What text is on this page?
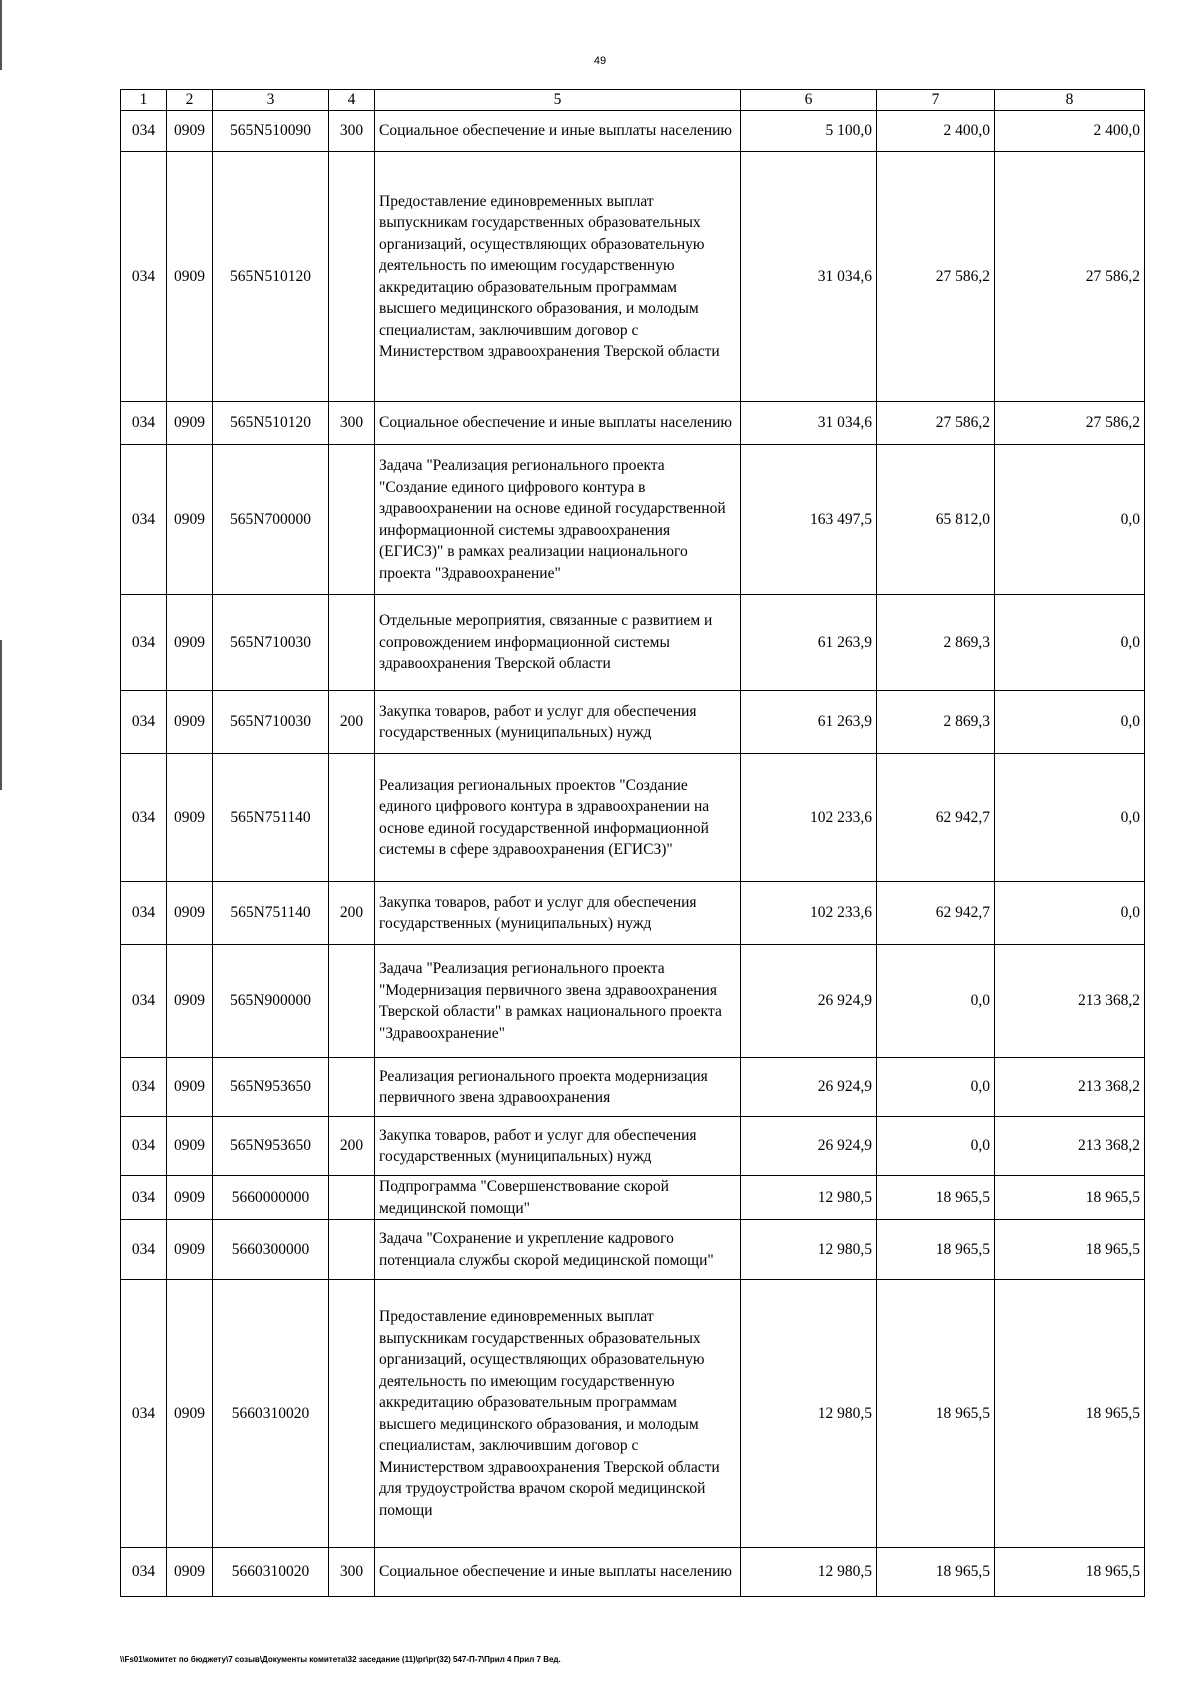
49
1	2	3	4	5	6	7	8
034	0909	565N510090	300	Социальное обеспечение и иные выплаты населению	5 100,0	2 400,0	2 400,0
034	0909	565N510120		Предоставление единовременных выплат выпускникам государственных образовательных организаций, осуществляющих образовательную деятельность по имеющим государственную аккредитацию образовательным программам высшего медицинского образования, и молодым специалистам, заключившим договор с Министерством здравоохранения Тверской области	31 034,6	27 586,2	27 586,2
034	0909	565N510120	300	Социальное обеспечение и иные выплаты населению	31 034,6	27 586,2	27 586,2
034	0909	565N700000		Задача "Реализация регионального проекта "Создание единого цифрового контура в здравоохранении на основе единой государственной информационной системы здравоохранения (ЕГИСЗ)" в рамках реализации национального проекта "Здравоохранение"	163 497,5	65 812,0	0,0
034	0909	565N710030		Отдельные мероприятия, связанные с развитием и сопровождением информационной системы здравоохранения Тверской области	61 263,9	2 869,3	0,0
034	0909	565N710030	200	Закупка товаров, работ и услуг для обеспечения государственных (муниципальных) нужд	61 263,9	2 869,3	0,0
034	0909	565N751140		Реализация региональных проектов "Создание единого цифрового контура в здравоохранении на основе единой государственной информационной системы в сфере здравоохранения (ЕГИСЗ)"	102 233,6	62 942,7	0,0
034	0909	565N751140	200	Закупка товаров, работ и услуг для обеспечения государственных (муниципальных) нужд	102 233,6	62 942,7	0,0
034	0909	565N900000		Задача "Реализация регионального проекта "Модернизация первичного звена здравоохранения Тверской области" в рамках национального проекта "Здравоохранение"	26 924,9	0,0	213 368,2
034	0909	565N953650		Реализация регионального проекта модернизация первичного звена здравоохранения	26 924,9	0,0	213 368,2
034	0909	565N953650	200	Закупка товаров, работ и услуг для обеспечения государственных (муниципальных) нужд	26 924,9	0,0	213 368,2
034	0909	5660000000		Подпрограмма "Совершенствование скорой медицинской помощи"	12 980,5	18 965,5	18 965,5
034	0909	5660300000		Задача "Сохранение и укрепление кадрового потенциала службы скорой медицинской помощи"	12 980,5	18 965,5	18 965,5
034	0909	5660310020		Предоставление единовременных выплат выпускникам государственных образовательных организаций, осуществляющих образовательную деятельность по имеющим государственную аккредитацию образовательным программам высшего медицинского образования, и молодым специалистам, заключившим договор с Министерством здравоохранения Тверской области для трудоустройства врачом скорой медицинской помощи	12 980,5	18 965,5	18 965,5
034	0909	5660310020	300	Социальное обеспечение и иные выплаты населению	12 980,5	18 965,5	18 965,5
\\Fs01\комитет по бюджету\7 созыв\Документы комитета\32 заседание (11)\рг\рг(32) 547-П-7\Прил 4 Прил 7 Вед.
